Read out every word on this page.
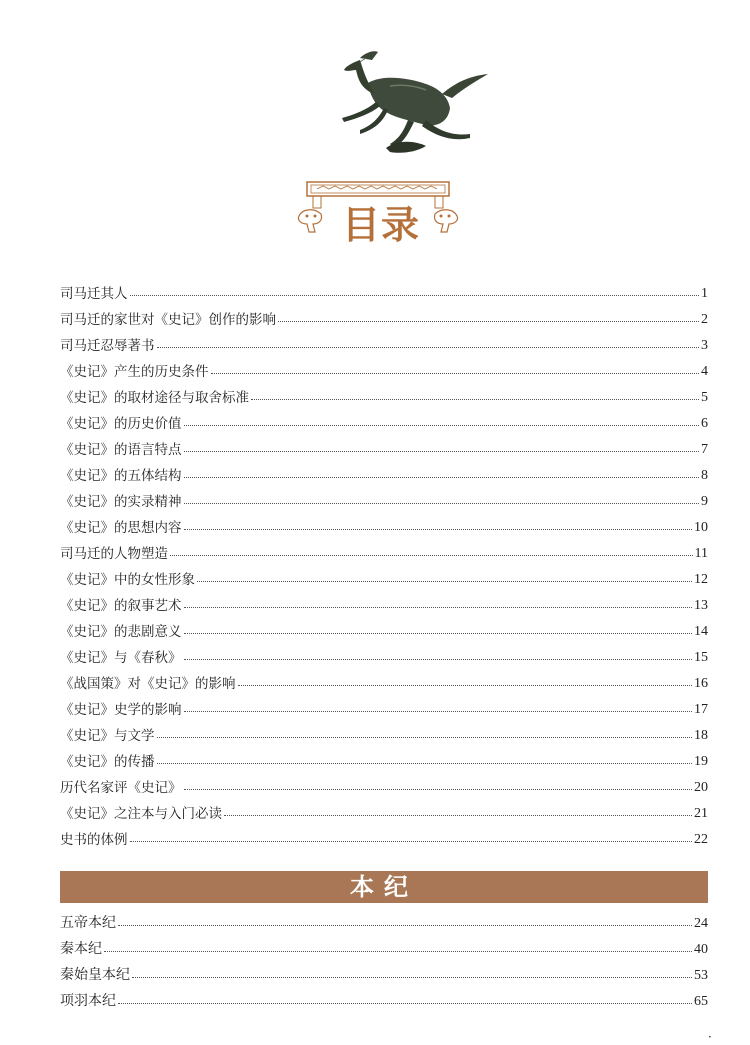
目录
司马迁其人	1
司马迁的家世对《史记》创作的影响	2
司马迁忍辱著书	3
《史记》产生的历史条件	4
《史记》的取材途径与取舍标准	5
《史记》的历史价值	6
《史记》的语言特点	7
《史记》的五体结构	8
《史记》的实录精神	9
《史记》的思想内容	10
司马迁的人物塑造	11
《史记》中的女性形象	12
《史记》的叙事艺术	13
《史记》的悲剧意义	14
《史记》与《春秋》	15
《战国策》对《史记》的影响	16
《史记》史学的影响	17
《史记》与文学	18
《史记》的传播	19
历代名家评《史记》	20
《史记》之注本与入门必读	21
史书的体例	22
本纪
五帝本纪	24
秦本纪	40
秦始皇本纪	53
项羽本纪	65
·
